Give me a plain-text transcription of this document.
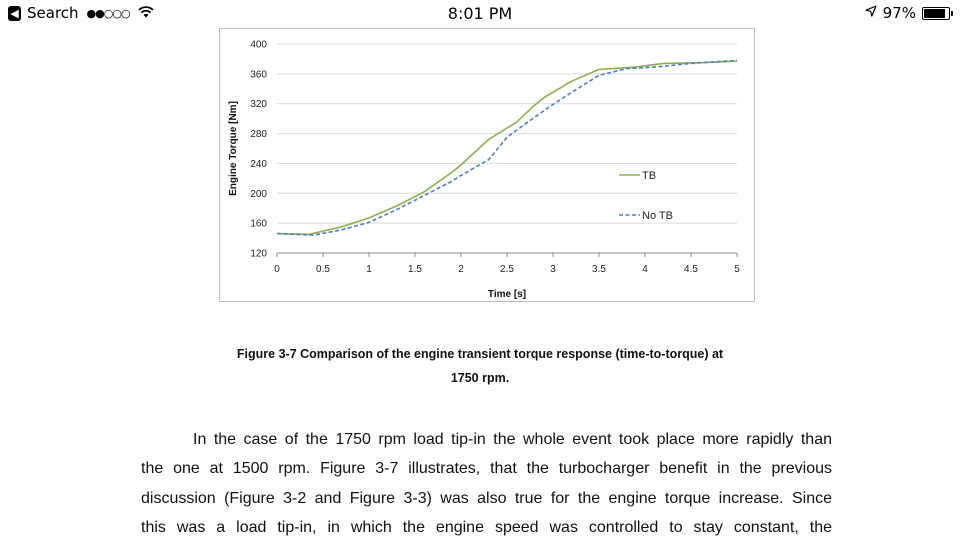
◀ Search ●●○○○	8:01 PM	97%
120
160
200
240
280
320
360
400
0	0.5	1	1.5	2	2.5	3	3.5	4	4.5	5
TB
No TB
Time [s]
Engine Torque [Nm]
Figure 3-7 Comparison of the engine transient torque response (time-to-torque) at
1750 rpm.
In the case of the 1750 rpm load tip-in the whole event took place more rapidly than
the one at 1500 rpm. Figure 3-7 illustrates, that the turbocharger benefit in the previous
discussion (Figure 3-2 and Figure 3-3) was also true for the engine torque increase. Since
this was a load tip-in, in which the engine speed was controlled to stay constant, the
